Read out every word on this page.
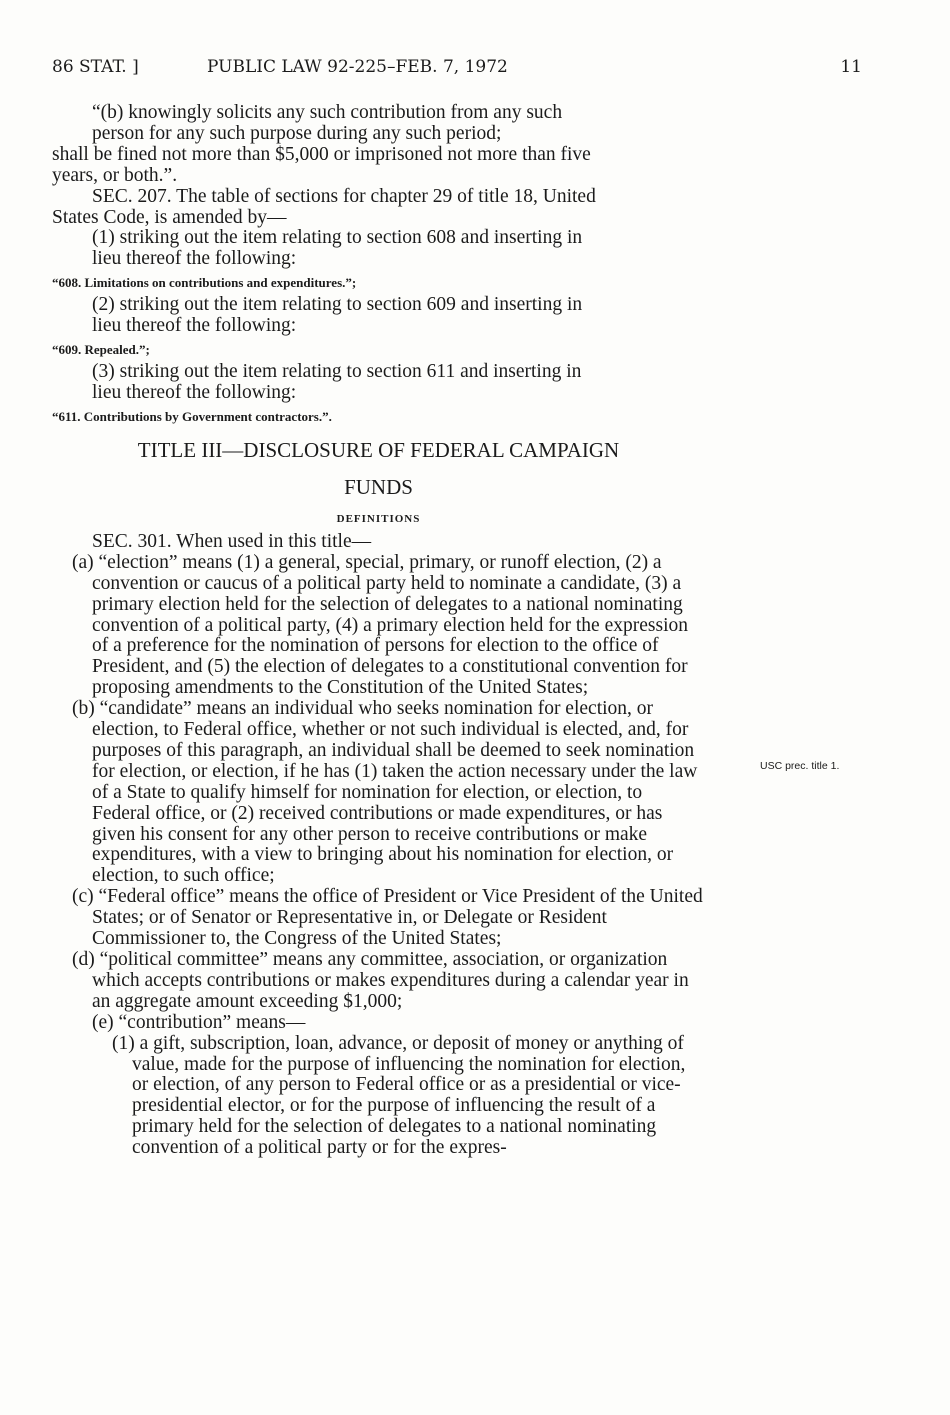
86 STAT. ]	PUBLIC LAW 92-225–FEB. 7, 1972	11

“(b) knowingly solicits any such contribution from any such

person for any such purpose during any such period;

shall be fined not more than $5,000 or imprisoned not more than five

years, or both.”.

SEC. 207. The table of sections for chapter 29 of title 18, United

States Code, is amended by—

(1) striking out the item relating to section 608 and inserting in

lieu thereof the following:

“608. Limitations on contributions and expenditures.”;

(2) striking out the item relating to section 609 and inserting in

lieu thereof the following:

“609. Repealed.”;

(3) striking out the item relating to section 611 and inserting in

lieu thereof the following:

“611. Contributions by Government contractors.”.

TITLE III—DISCLOSURE OF FEDERAL CAMPAIGN

FUNDS

DEFINITIONS

SEC. 301. When used in this title—

(a) “election” means (1) a general, special, primary, or runoff election, (2) a convention or caucus of a political party held to nominate a candidate, (3) a primary election held for the selection of delegates to a national nominating convention of a political party, (4) a primary election held for the expression of a preference for the nomination of persons for election to the office of President, and (5) the election of delegates to a constitutional convention for proposing amendments to the Constitution of the United States;

(b) “candidate” means an individual who seeks nomination for election, or election, to Federal office, whether or not such individual is elected, and, for purposes of this paragraph, an individual shall be deemed to seek nomination for election, or election, if he has (1) taken the action necessary under the law of a State to qualify himself for nomination for election, or election, to Federal office, or (2) received contributions or made expenditures, or has given his consent for any other person to receive contributions or make expenditures, with a view to bringing about his nomination for election, or election, to such office;

(c) “Federal office” means the office of President or Vice President of the United States; or of Senator or Representative in, or Delegate or Resident Commissioner to, the Congress of the United States;

(d) “political committee” means any committee, association, or organization which accepts contributions or makes expenditures during a calendar year in an aggregate amount exceeding $1,000;

(e) “contribution” means—

(1) a gift, subscription, loan, advance, or deposit of money or anything of value, made for the purpose of influencing the nomination for election, or election, of any person to Federal office or as a presidential or vice-presidential elector, or for the purpose of influencing the result of a primary held for the selection of delegates to a national nominating convention of a political party or for the expres-

USC prec. title 1.
